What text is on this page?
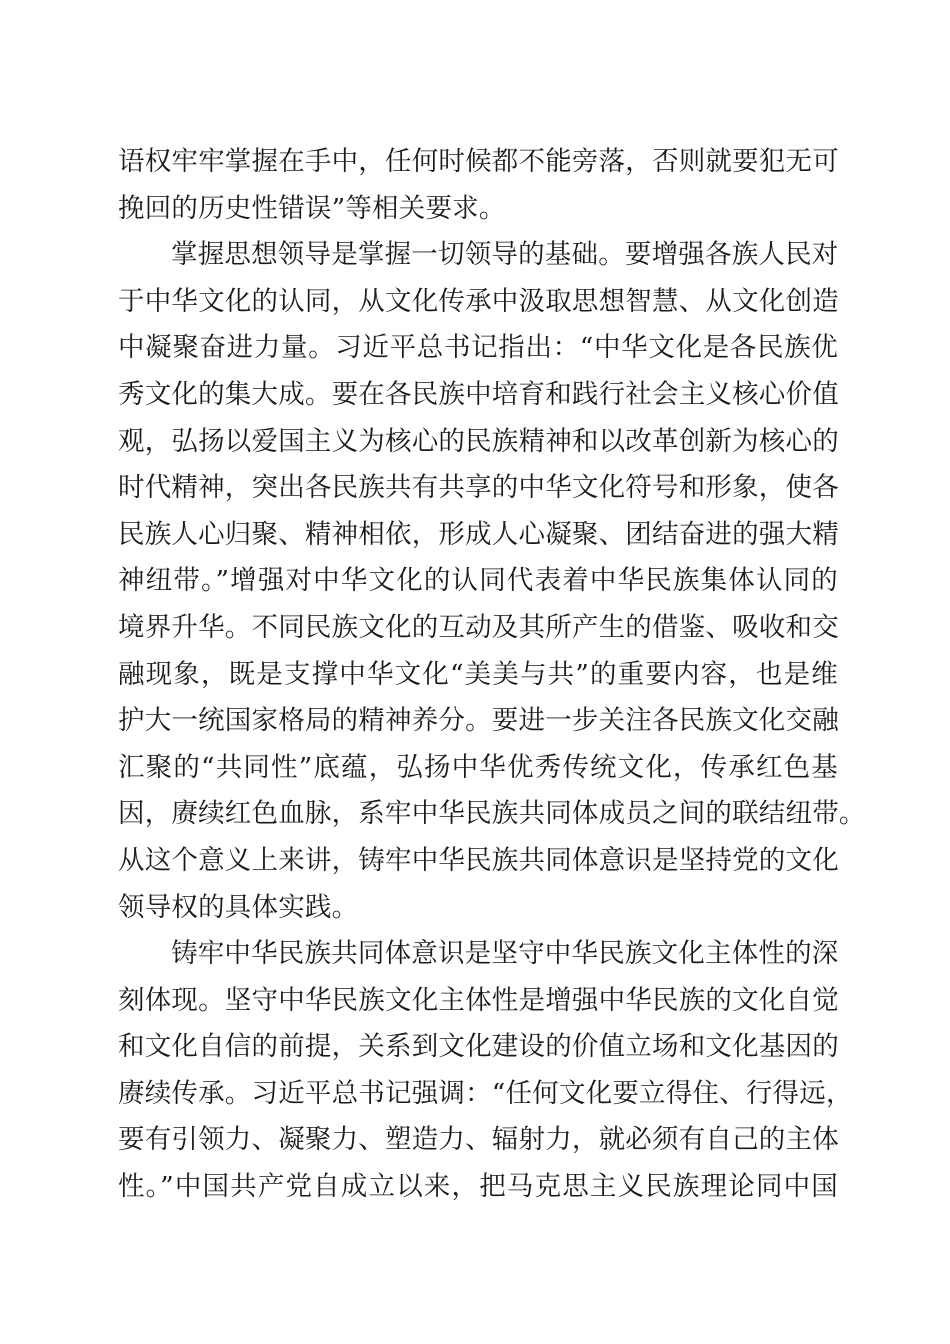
语权牢牢掌握在手中，任何时候都不能旁落，否则就要犯无可
挽回的历史性错误”等相关要求。
掌握思想领导是掌握一切领导的基础。要增强各族人民对
于中华文化的认同，从文化传承中汲取思想智慧、从文化创造
中凝聚奋进力量。习近平总书记指出：“中华文化是各民族优
秀文化的集大成。要在各民族中培育和践行社会主义核心价值
观，弘扬以爱国主义为核心的民族精神和以改革创新为核心的
时代精神，突出各民族共有共享的中华文化符号和形象，使各
民族人心归聚、精神相依，形成人心凝聚、团结奋进的强大精
神纽带。”增强对中华文化的认同代表着中华民族集体认同的
境界升华。不同民族文化的互动及其所产生的借鉴、吸收和交
融现象，既是支撑中华文化“美美与共”的重要内容，也是维
护大一统国家格局的精神养分。要进一步关注各民族文化交融
汇聚的“共同性”底蕴，弘扬中华优秀传统文化，传承红色基
因，赓续红色血脉，系牢中华民族共同体成员之间的联结纽带。
从这个意义上来讲，铸牢中华民族共同体意识是坚持党的文化
领导权的具体实践。
铸牢中华民族共同体意识是坚守中华民族文化主体性的深
刻体现。坚守中华民族文化主体性是增强中华民族的文化自觉
和文化自信的前提，关系到文化建设的价值立场和文化基因的
赓续传承。习近平总书记强调：“任何文化要立得住、行得远，
要有引领力、凝聚力、塑造力、辐射力，就必须有自己的主体
性。”中国共产党自成立以来，把马克思主义民族理论同中国
